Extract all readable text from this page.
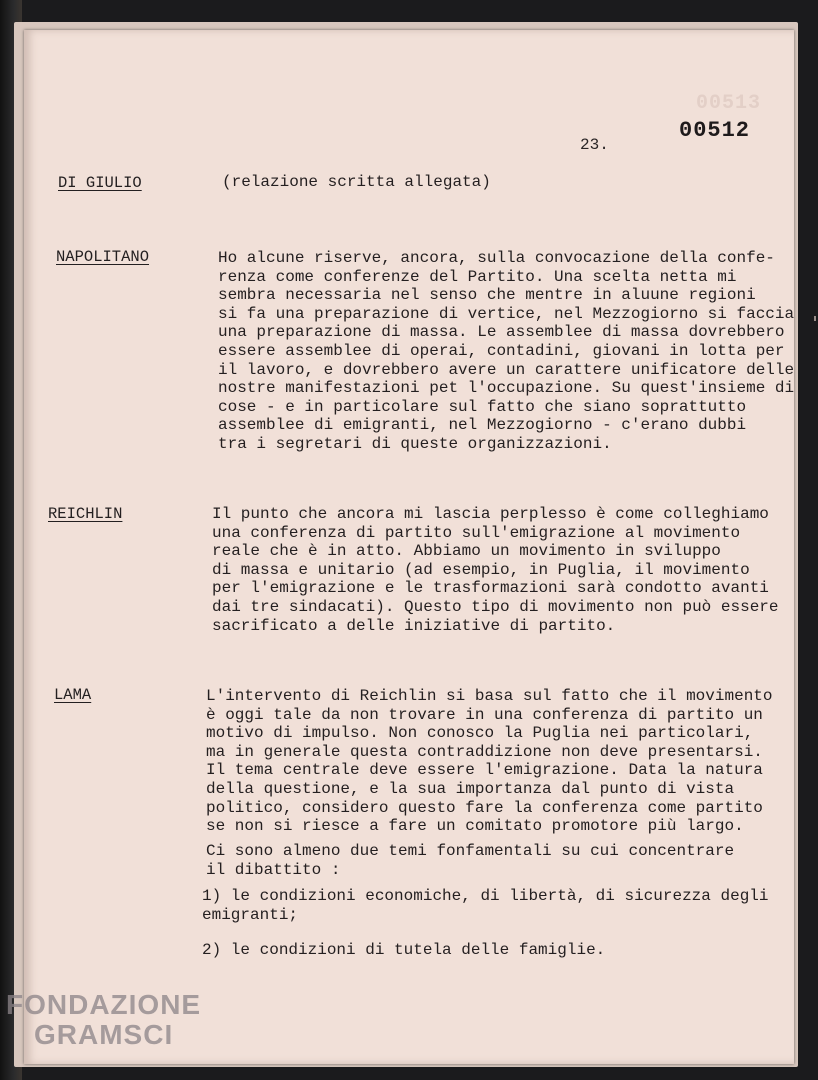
00513
23.
00512
DI GIULIO	(relazione scritta allegata)
NAPOLITANO	Ho alcune riserve, ancora, sulla convocazione della confe-
renza come conferenze del Partito. Una scelta netta mi
sembra necessaria nel senso che mentre in aluune regioni
si fa una preparazione di vertice, nel Mezzogiorno si faccia
una preparazione di massa. Le assemblee di massa dovrebbero
essere assemblee di operai, contadini, giovani in lotta per
il lavoro, e dovrebbero avere un carattere unificatore delle
nostre manifestazioni pet l'occupazione. Su quest'insieme di
cose - e in particolare sul fatto che siano soprattutto
assemblee di emigranti, nel Mezzogiorno - c'erano dubbi
tra i segretari di queste organizzazioni.
REICHLIN	Il punto che ancora mi lascia perplesso è come colleghiamo
una conferenza di partito sull'emigrazione al movimento
reale che è in atto. Abbiamo un movimento in sviluppo
di massa e unitario (ad esempio, in Puglia, il movimento
per l'emigrazione e le trasformazioni sarà condotto avanti
dai tre sindacati). Questo tipo di movimento non può essere
sacrificato a delle iniziative di partito.
LAMA	L'intervento di Reichlin si basa sul fatto che il movimento
è oggi tale da non trovare in una conferenza di partito un
motivo di impulso. Non conosco la Puglia nei particolari,
ma in generale questa contraddizione non deve presentarsi.
Il tema centrale deve essere l'emigrazione. Data la natura
della questione, e la sua importanza dal punto di vista
politico, considero questo fare la conferenza come partito
se non si riesce a fare un comitato promotore più largo.
Ci sono almeno due temi fonfamentali su cui concentrare
il dibattito :
1) le condizioni economiche, di libertà, di sicurezza degli
emigranti;
2) le condizioni di tutela delle famiglie.
FONDAZIONE
GRAMSCI
